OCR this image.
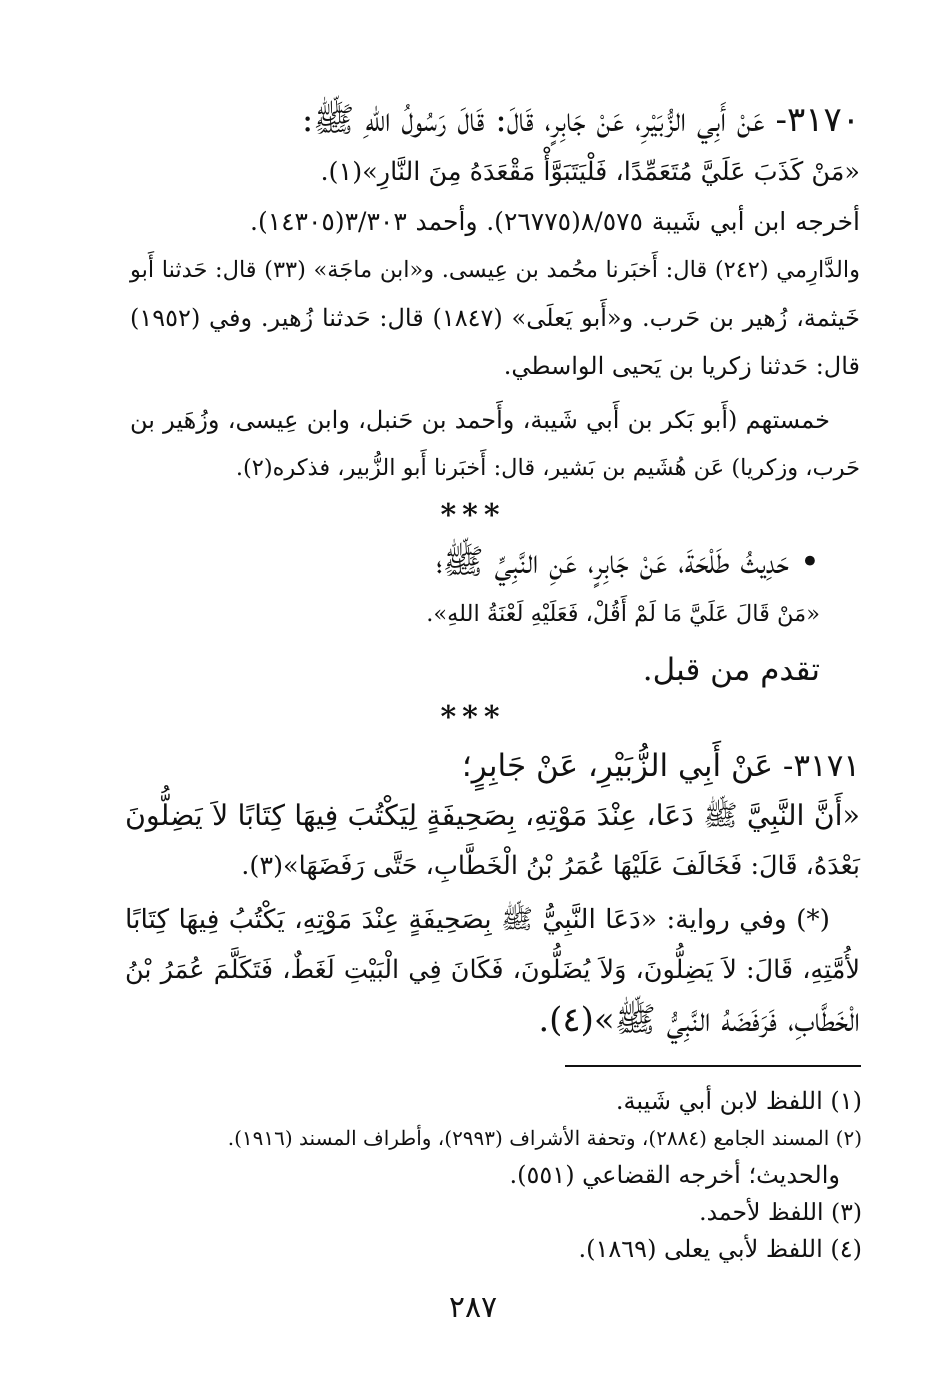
٣١٧٠- عَنْ أَبِي الزُّبَيْرِ، عَنْ جَابِرٍ، قَالَ: قَالَ رَسُولُ اللهِ ﷺ:
«مَنْ كَذَبَ عَلَيَّ مُتَعَمِّدًا، فَلْيَتَبَوَّأْ مَقْعَدَهُ مِنَ النَّارِ»(١).
أخرجه ابن أبي شَيبة ٨/٥٧٥(٢٦٧٧٥). وأحمد ٣/٣٠٣(١٤٣٠٥).
والدَّارِمي (٢٤٢) قال: أَخبَرنا محُمد بن عِيسى. و«ابن ماجَة» (٣٣) قال: حَدثنا أَبو
خَيثمة، زُهير بن حَرب. و«أَبو يَعلَى» (١٨٤٧) قال: حَدثنا زُهير. وفي (١٩٥٢)
قال: حَدثنا زكريا بن يَحيى الواسطي.
خمستهم (أَبو بَكر بن أَبي شَيبة، وأَحمد بن حَنبل، وابن عِيسى، وزُهَير بن
حَرب، وزكريا) عَن هُشَيم بن بَشير، قال: أَخبَرنا أَبو الزُّبير، فذكره(٢).
***
• حَدِيثُ طَلْحَةَ، عَنْ جَابِرٍ، عَنِ النَّبِيِّ ﷺ؛
«مَنْ قَالَ عَلَيَّ مَا لَمْ أَقُلْ، فَعَلَيْهِ لَعْنَةُ اللهِ».
تقدم من قبل.
***
٣١٧١- عَنْ أَبِي الزُّبَيْرِ، عَنْ جَابِرٍ؛
«أَنَّ النَّبِيَّ ﷺ دَعَا، عِنْدَ مَوْتِهِ، بِصَحِيفَةٍ لِيَكْتُبَ فِيهَا كِتَابًا لاَ يَضِلُّونَ
بَعْدَهُ، قَالَ: فَخَالَفَ عَلَيْهَا عُمَرُ بْنُ الْخَطَّابِ، حَتَّى رَفَضَهَا»(٣).
(*) وفي رواية: «دَعَا النَّبِيُّ ﷺ بِصَحِيفَةٍ عِنْدَ مَوْتِهِ، يَكْتُبُ فِيهَا كِتَابًا
لأُمَّتِهِ، قَالَ: لاَ يَضِلُّونَ، وَلاَ يُضَلُّونَ، فَكَانَ فِي الْبَيْتِ لَغَطٌ، فَتَكَلَّمَ عُمَرُ بْنُ
الْخَطَّابِ، فَرَفَضَهُ النَّبِيُّ ﷺ»(٤).
(١) اللفظ لابن أبي شَيبة.
(٢) المسند الجامع (٢٨٨٤)، وتحفة الأشراف (٢٩٩٣)، وأطراف المسند (١٩١٦).
والحديث؛ أخرجه القضاعي (٥٥١).
(٣) اللفظ لأحمد.
(٤) اللفظ لأبي يعلى (١٨٦٩).
٢٨٧
